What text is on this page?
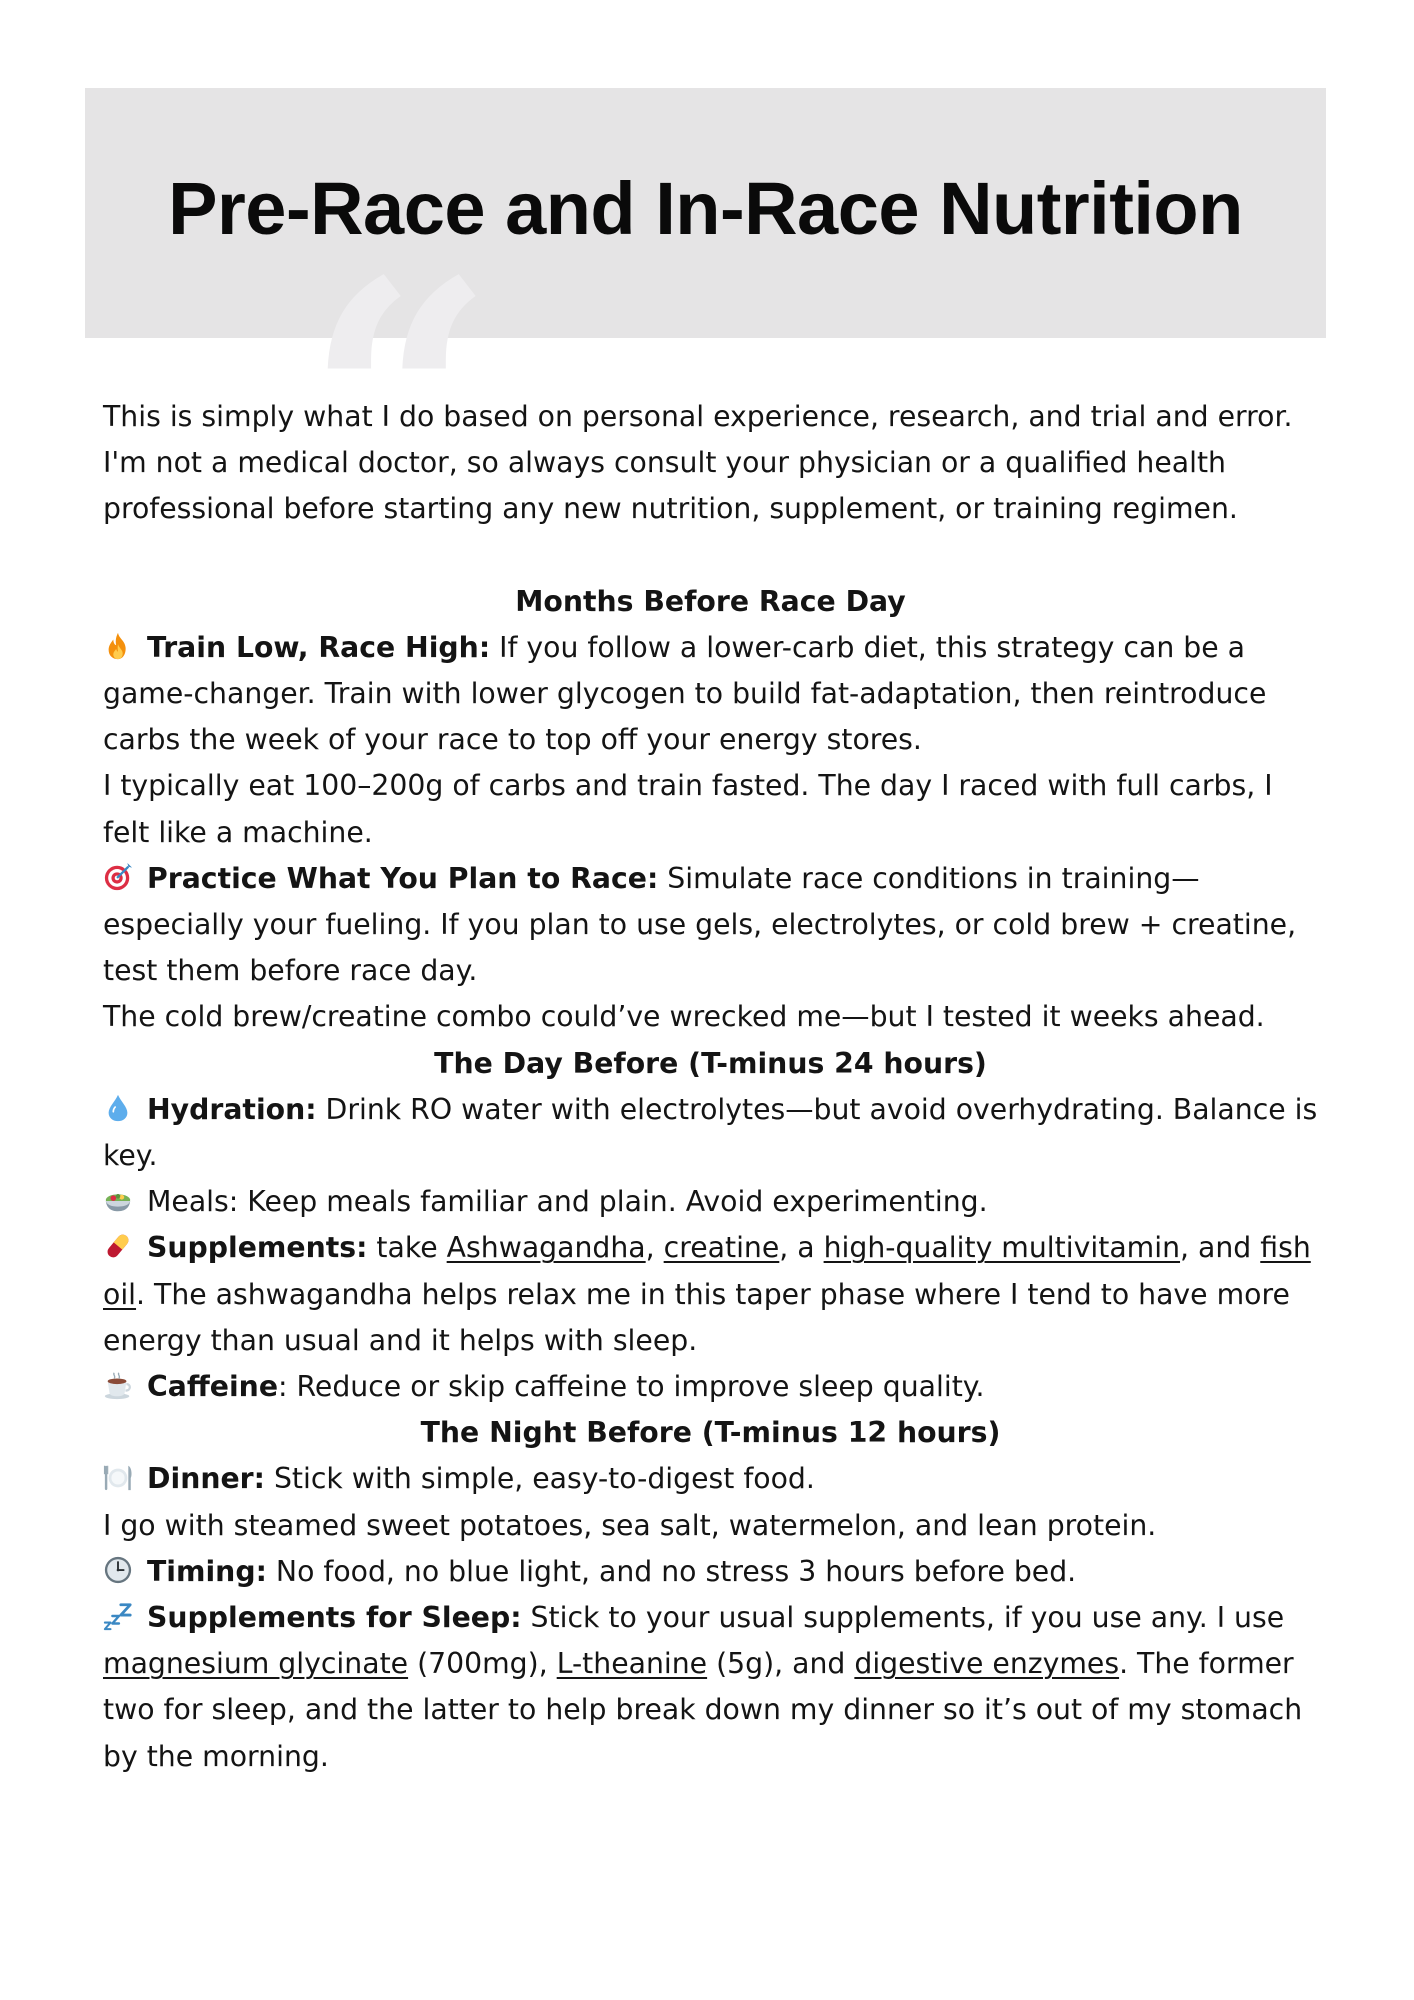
“
Pre-Race and In-Race Nutrition

This is simply what I do based on personal experience, research, and trial and error. I'm not a medical doctor, so always consult your physician or a qualified health professional before starting any new nutrition, supplement, or training regimen.

Months Before Race Day

Train Low, Race High: If you follow a lower-carb diet, this strategy can be a game-changer. Train with lower glycogen to build fat-adaptation, then reintroduce carbs the week of your race to top off your energy stores.

I typically eat 100–200g of carbs and train fasted. The day I raced with full carbs, I felt like a machine.

Practice What You Plan to Race: Simulate race conditions in training—especially your fueling. If you plan to use gels, electrolytes, or cold brew + creatine, test them before race day.

The cold brew/creatine combo could’ve wrecked me—but I tested it weeks ahead.

The Day Before (T-minus 24 hours)

Hydration: Drink RO water with electrolytes—but avoid overhydrating. Balance is key.

Meals: Keep meals familiar and plain. Avoid experimenting.

Supplements: take Ashwagandha, creatine, a high-quality multivitamin, and fish oil. The ashwagandha helps relax me in this taper phase where I tend to have more energy than usual and it helps with sleep.

Caffeine: Reduce or skip caffeine to improve sleep quality.

The Night Before (T-minus 12 hours)

Dinner: Stick with simple, easy-to-digest food.

I go with steamed sweet potatoes, sea salt, watermelon, and lean protein.

Timing: No food, no blue light, and no stress 3 hours before bed.

Supplements for Sleep: Stick to your usual supplements, if you use any. I use magnesium glycinate (700mg), L-theanine (5g), and digestive enzymes. The former two for sleep, and the latter to help break down my dinner so it’s out of my stomach by the morning.
